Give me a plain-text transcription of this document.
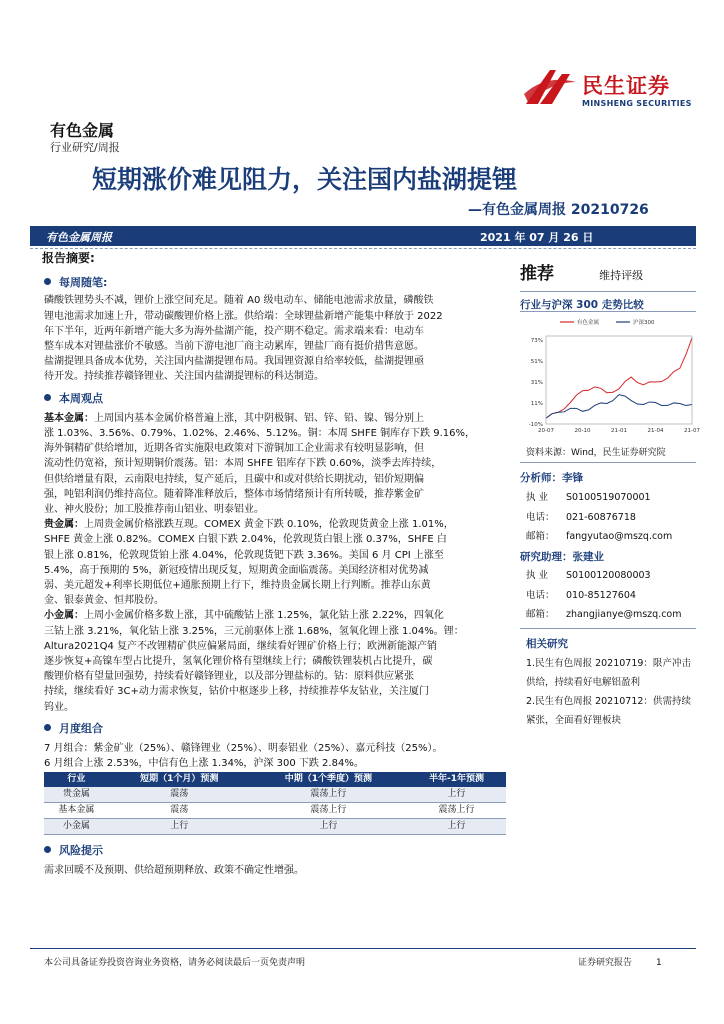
民生证券
MINSHENG SECURITIES
有色金属
行业研究/周报
短期涨价难见阻力，关注国内盐湖提锂
—有色金属周报 20210726
有色金属周报	2021 年 07 月 26 日
报告摘要:
每周随笔:
磷酸铁锂势头不减，锂价上涨空间充足。随着 A0 级电动车、储能电池需求放量，磷酸铁
锂电池需求加速上升，带动碳酸锂价格上涨。供给端：全球锂盐新增产能集中释放于 2022
年下半年，近两年新增产能大多为海外盐湖产能，投产期不稳定。需求端来看：电动车
整车成本对锂盐涨价不敏感。当前下游电池厂商主动累库，锂盐厂商有挺价措售意愿。
盐湖提锂具备成本优势，关注国内盐湖提锂布局。我国锂资源自给率较低，盐湖提锂亟
待开发。持续推荐赣锋锂业、关注国内盐湖提锂标的科达制造。
本周观点
基本金属：上周国内基本金属价格普遍上涨，其中阴极铜、铝、锌、铅、镍、锡分别上
涨 1.03%、3.56%、0.79%、1.02%、2.46%、5.12%。铜：本周 SHFE 铜库存下跌 9.16%，
海外铜精矿供给增加，近期各省实施限电政策对下游铜加工企业需求有较明显影响，但
流动性仍宽裕，预计短期铜价震荡。铝：本周 SHFE 铝库存下跌 0.60%，淡季去库持续，
但供给增量有限，云南限电持续，复产延后，且碳中和或对供给长期扰动，铝价短期偏
强，吨铝利润仍维持高位。随着降准释放后，整体市场情绪预计有所转暖，推荐紫金矿
业、神火股份；加工股推荐南山铝业、明泰铝业。
贵金属：上周贵金属价格涨跌互现。COMEX 黄金下跌 0.10%，伦敦现货黄金上涨 1.01%，
SHFE 黄金上涨 0.82%。COMEX 白银下跌 2.04%，伦敦现货白银上涨 0.37%，SHFE 白
银上涨 0.81%，伦敦现货铂上涨 4.04%，伦敦现货钯下跌 3.36%。美国 6 月 CPI 上涨至
5.4%，高于预期的 5%，新冠疫情出现反复，短期黄金面临震荡。美国经济相对优势减
弱、美元超发+利率长期低位+通胀预期上行下，维持贵金属长期上行判断。推荐山东黄
金、银泰黄金、恒邦股份。
小金属：上周小金属价格多数上涨，其中硫酸钴上涨 1.25%，氯化钴上涨 2.22%，四氧化
三钴上涨 3.21%，氧化钴上涨 3.25%，三元前驱体上涨 1.68%，氢氧化锂上涨 1.04%。锂：
Altura2021Q4 复产不改锂精矿供应偏紧局面，继续看好锂矿价格上行；欧洲新能源产销
逐步恢复+高镍车型占比提升，氢氧化锂价格有望继续上行；磷酸铁锂装机占比提升，碳
酸锂价格有望量回强势，持续看好赣锋锂业，以及部分锂盐标的。钴：原料供应紧张
持续，继续看好 3C+动力需求恢复，钴价中枢逐步上移，持续推荐华友钴业，关注厦门
钨业。
月度组合
7 月组合：紫金矿业（25%）、赣锋锂业（25%）、明泰铝业（25%）、嘉元科技（25%）。
6 月组合上涨 2.53%，中信有色上涨 1.34%，沪深 300 下跌 2.84%。
行业	短期（1个月）预测	中期（1个季度）预测	半年-1年预测
贵金属	震荡	震荡上行	上行
基本金属	震荡	震荡上行	震荡上行
小金属	上行	上行	上行
风险提示
需求回暖不及预期、供给超预期释放、政策不确定性增强。
推荐	维持评级
行业与沪深 300 走势比较
73%
51%
31%
11%
-10%
20-07	20-10	21-01	21-04	21-07
有色金属	沪深300
资料来源：Wind，民生证券研究院
分析师：李锋
执 业 S0100519070001
电话： 021-60876718
邮箱： fangyutao@mszq.com
研究助理：张建业
执 业 S0100120080003
电话： 010-85127604
邮箱： zhangjianye@mszq.com
相关研究
1.民生有色周报 20210719：限产冲击供给，持续看好电解铝盈利
2.民生有色周报 20210712：供需持续紧张，全面看好锂板块
本公司具备证券投资咨询业务资格，请务必阅读最后一页免责声明	证券研究报告	1
